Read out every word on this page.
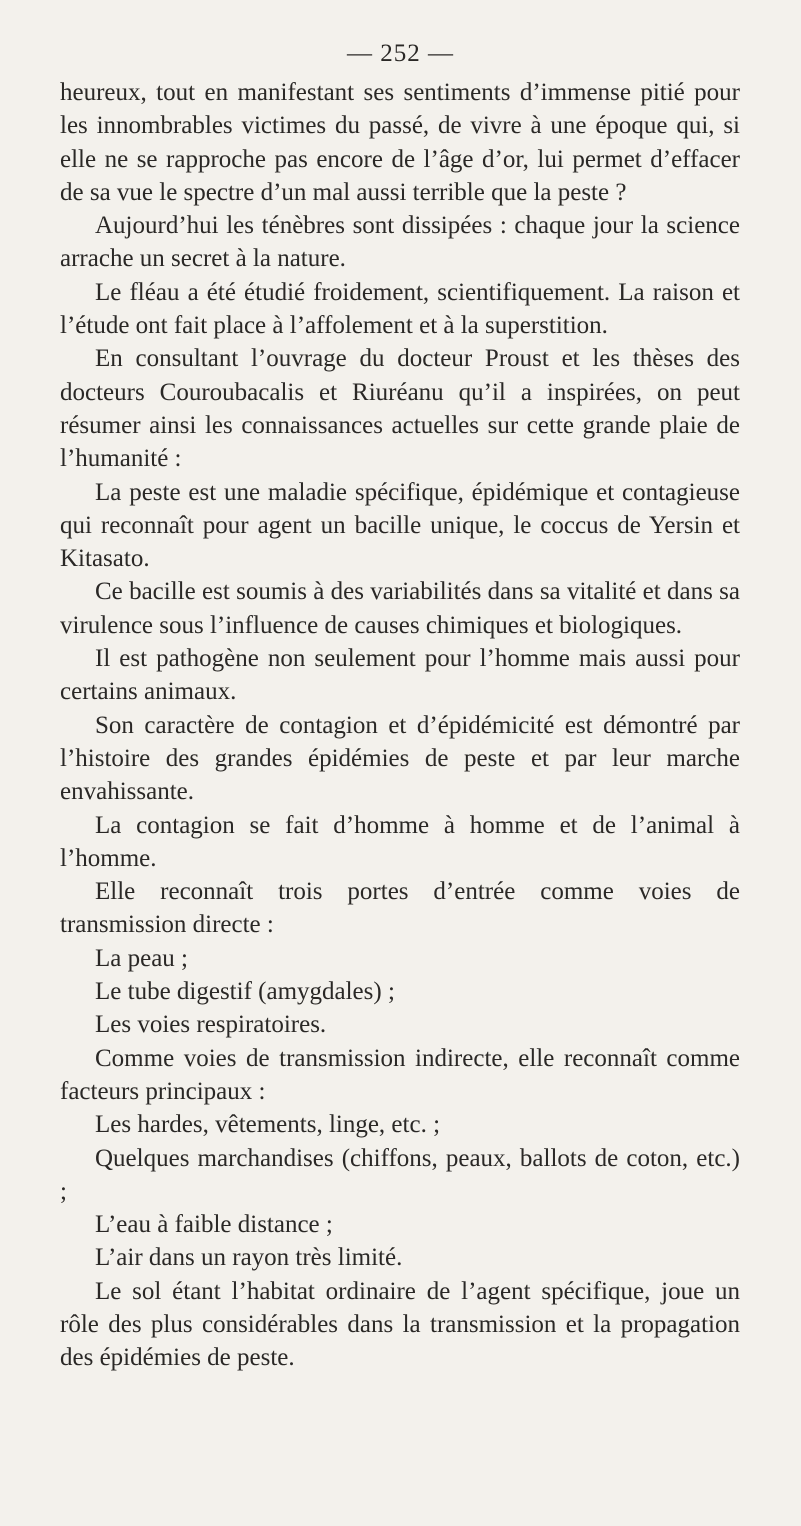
— 252 —

heureux, tout en manifestant ses sentiments d’immense pitié pour les innombrables victimes du passé, de vivre à une époque qui, si elle ne se rapproche pas encore de l’âge d’or, lui permet d’effacer de sa vue le spectre d’un mal aussi terrible que la peste ?

Aujourd’hui les ténèbres sont dissipées : chaque jour la science arrache un secret à la nature.

Le fléau a été étudié froidement, scientifiquement. La raison et l’étude ont fait place à l’affolement et à la superstition.

En consultant l’ouvrage du docteur Proust et les thèses des docteurs Couroubacalis et Riuréanu qu’il a inspirées, on peut résumer ainsi les connaissances actuelles sur cette grande plaie de l’humanité :

La peste est une maladie spécifique, épidémique et contagieuse qui reconnaît pour agent un bacille unique, le coccus de Yersin et Kitasato.

Ce bacille est soumis à des variabilités dans sa vitalité et dans sa virulence sous l’influence de causes chimiques et biologiques.

Il est pathogène non seulement pour l’homme mais aussi pour certains animaux.

Son caractère de contagion et d’épidémicité est démontré par l’histoire des grandes épidémies de peste et par leur marche envahissante.

La contagion se fait d’homme à homme et de l’animal à l’homme.

Elle reconnaît trois portes d’entrée comme voies de transmission directe :

La peau ;

Le tube digestif (amygdales) ;

Les voies respiratoires.

Comme voies de transmission indirecte, elle reconnaît comme facteurs principaux :

Les hardes, vêtements, linge, etc. ;

Quelques marchandises (chiffons, peaux, ballots de coton, etc.) ;

L’eau à faible distance ;

L’air dans un rayon très limité.

Le sol étant l’habitat ordinaire de l’agent spécifique, joue un rôle des plus considérables dans la transmission et la propagation des épidémies de peste.
